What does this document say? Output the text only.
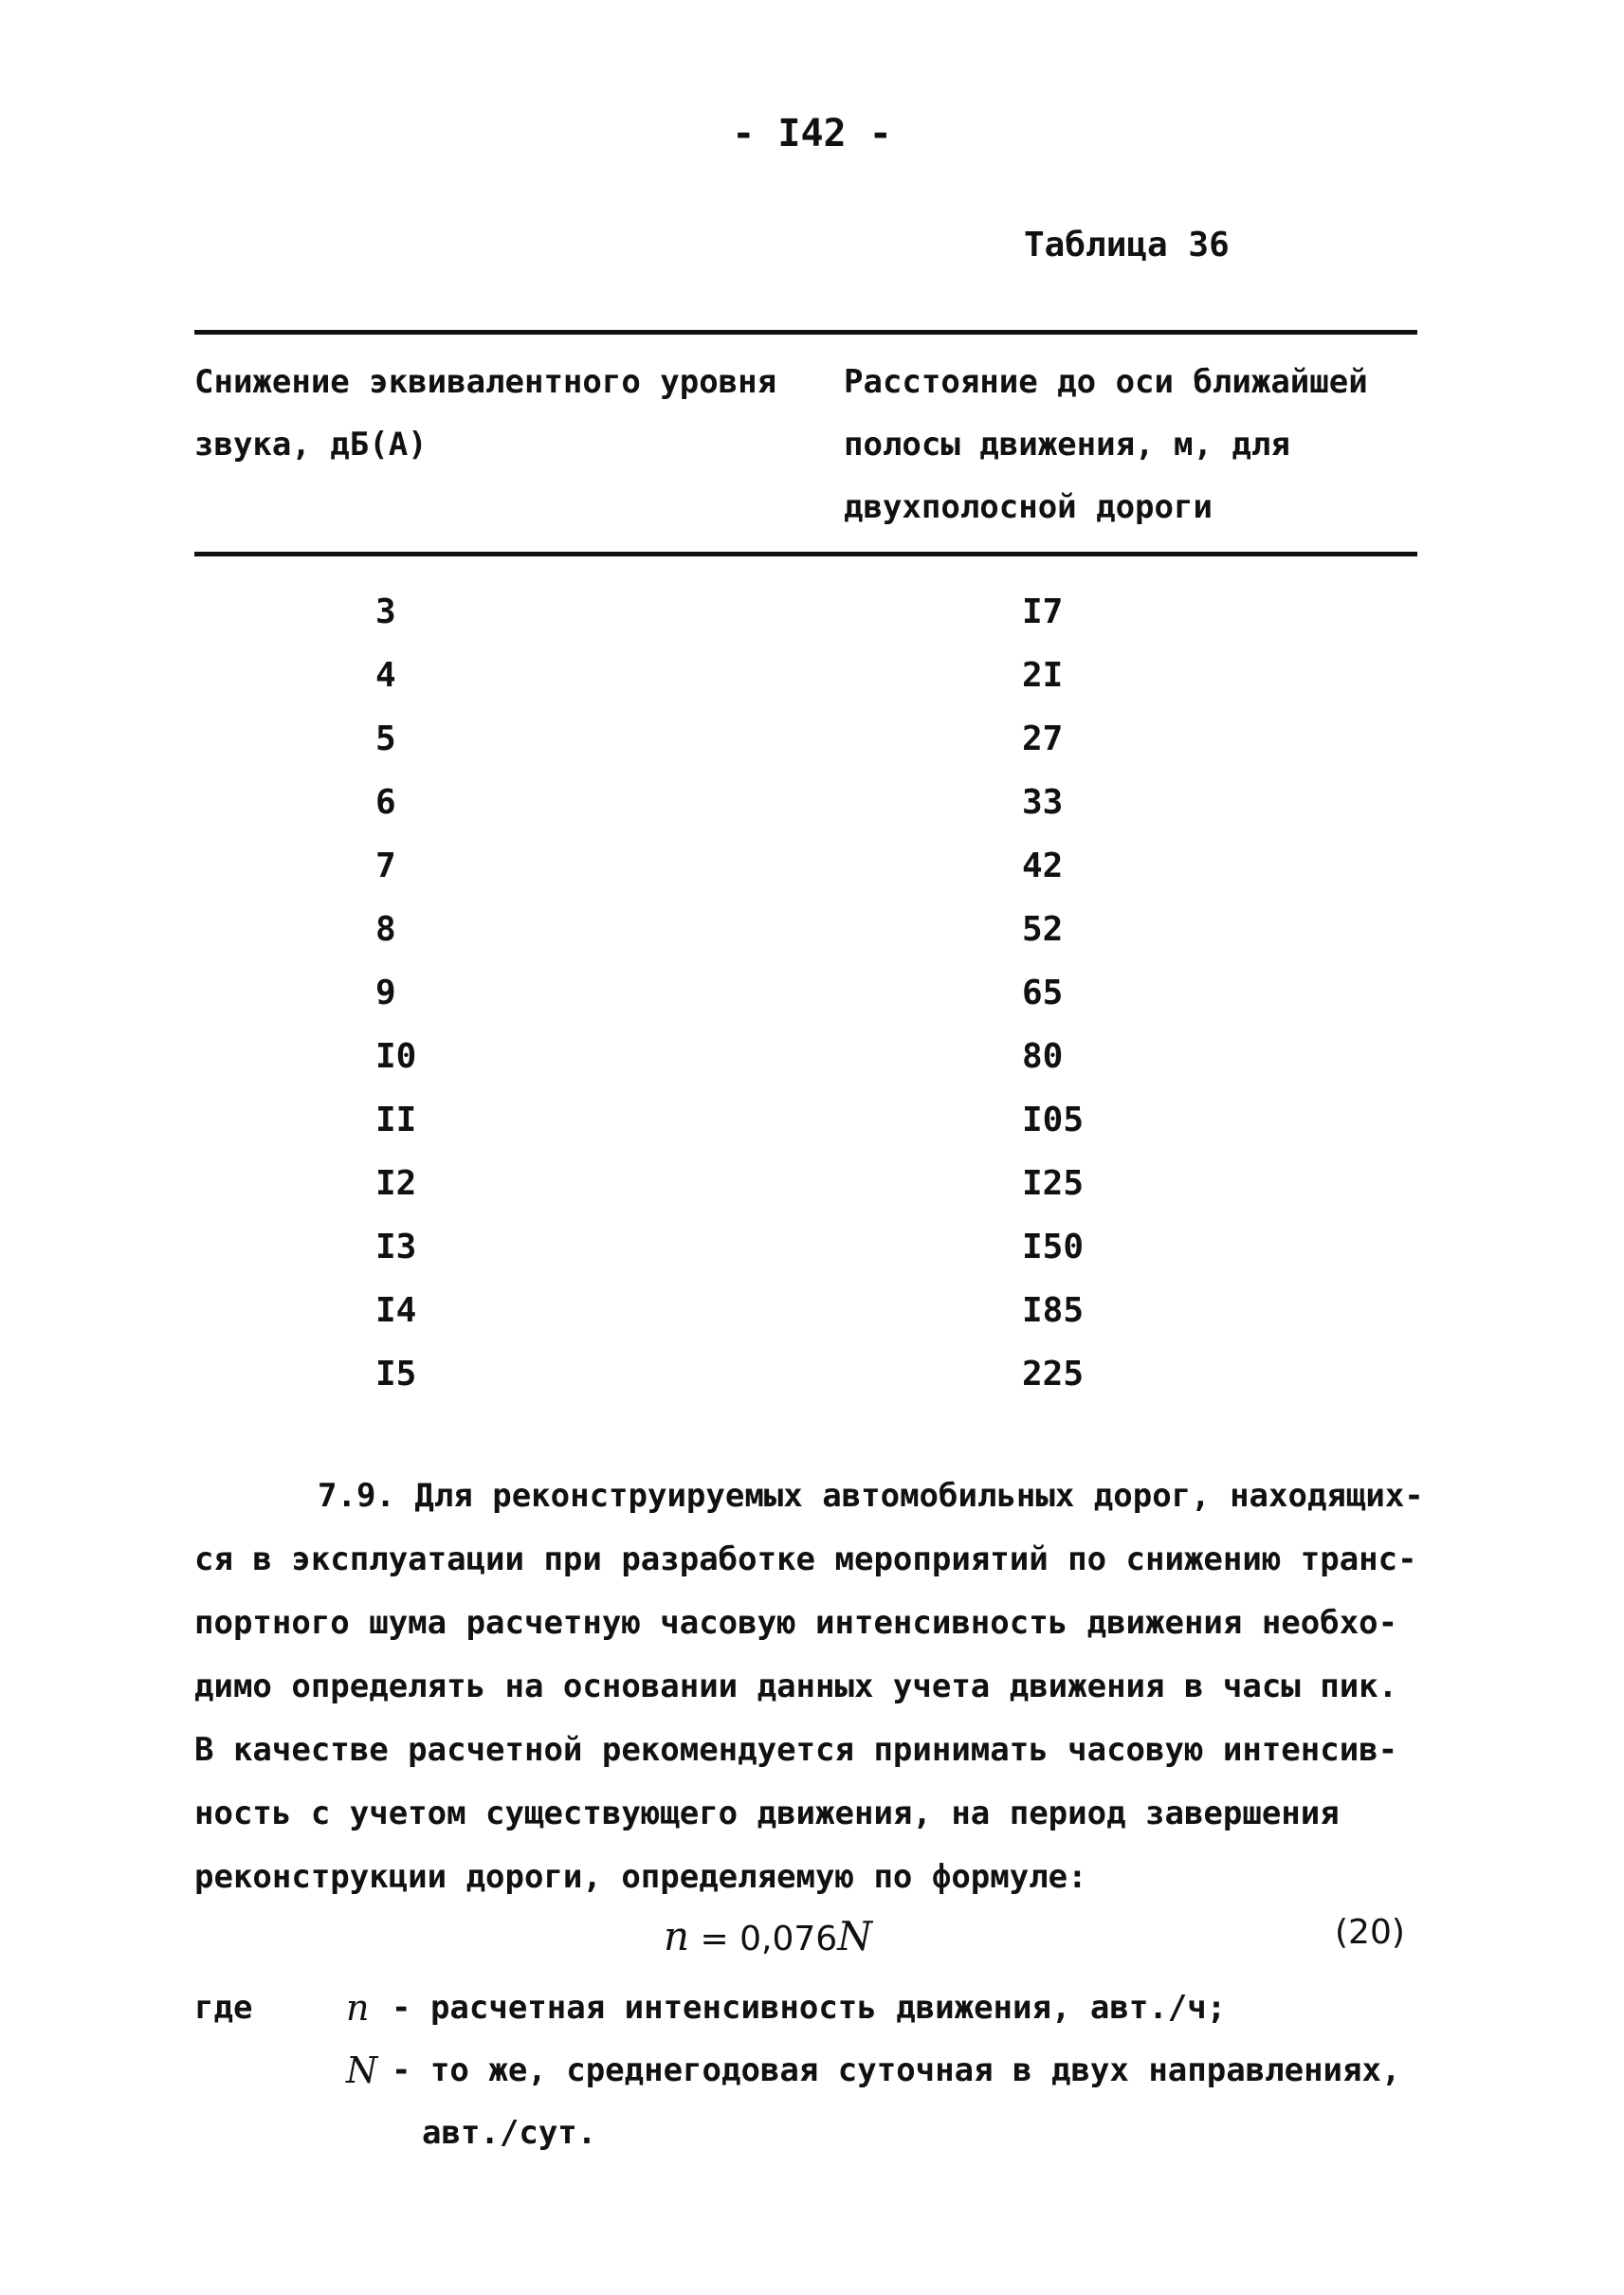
- I42 -
Таблица 36
Снижение эквивалентного уровня
звука, дБ(А)
Расстояние до оси ближайшей
полосы движения, м, для
двухполосной дороги
3	I7
4	2I
5	27
6	33
7	42
8	52
9	65
I0	80
II	I05
I2	I25
I3	I50
I4	I85
I5	225
7.9. Для реконструируемых автомобильных дорог, находящих-
ся в эксплуатации при разработке мероприятий по снижению транс-
портного шума расчетную часовую интенсивность движения необхо-
димо определять на основании данных учета движения в часы пик.
В качестве расчетной рекомендуется принимать часовую интенсив-
ность с учетом существующего движения, на период завершения
реконструкции дороги, определяемую по формуле:
n = 0,076N	(20)
где	n - расчетная интенсивность движения, авт./ч;
N - то же, среднегодовая суточная в двух направлениях,
авт./сут.
